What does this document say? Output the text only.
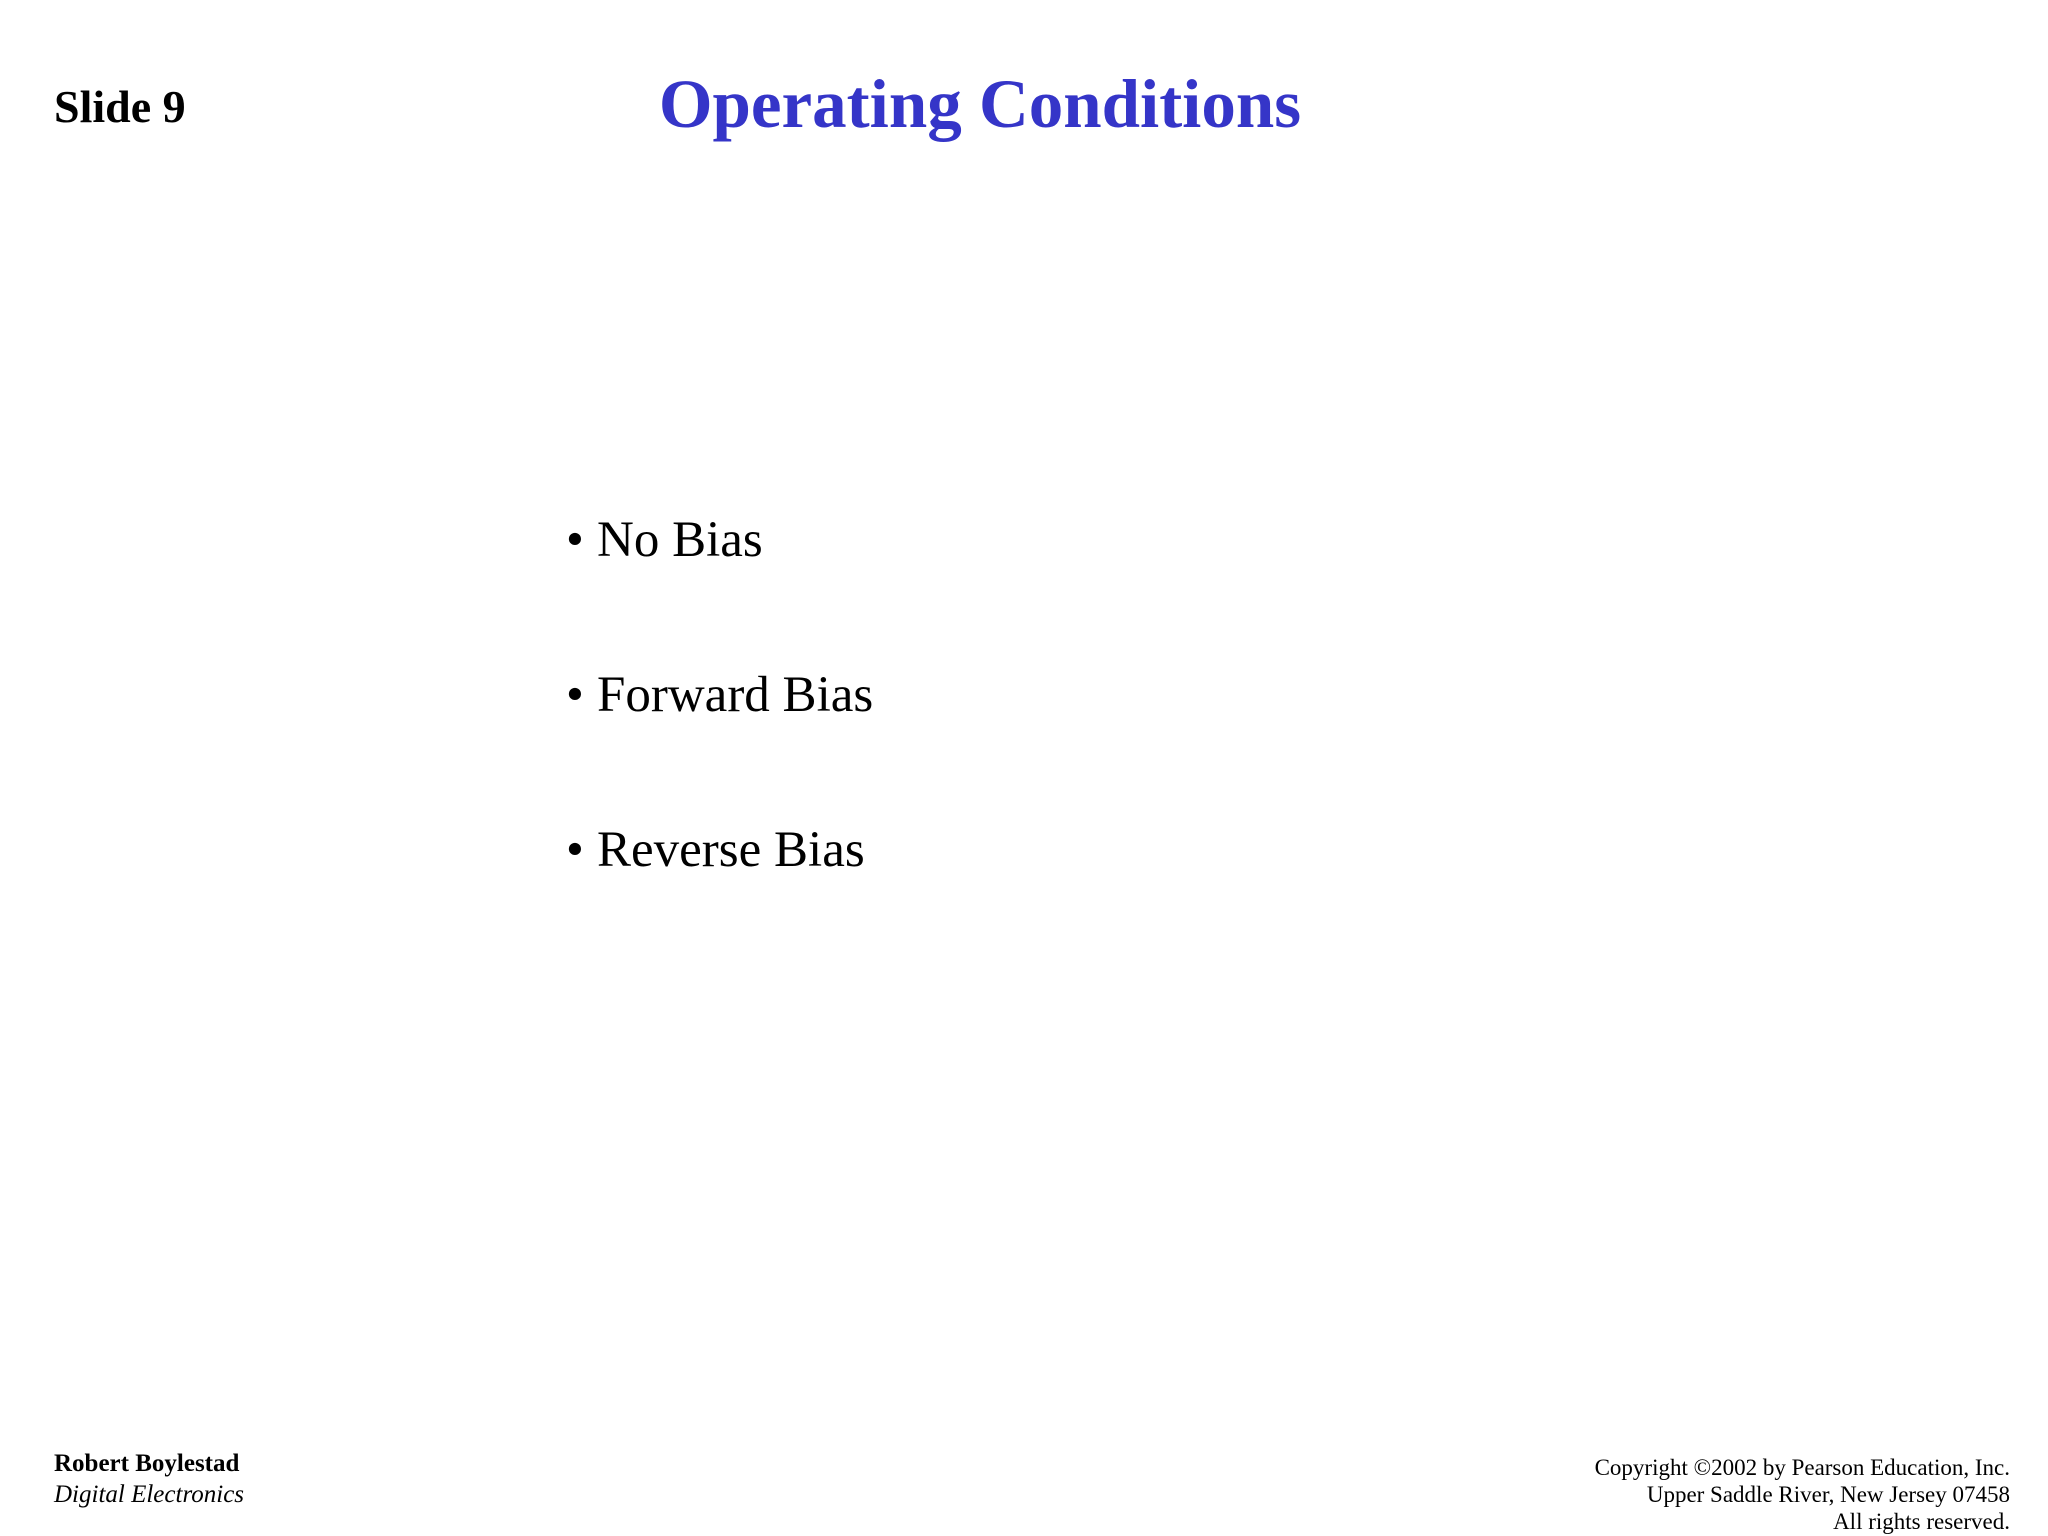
Slide 9	Operating Conditions
• No Bias
• Forward Bias
• Reverse Bias
Robert Boylestad
Digital Electronics
Copyright ©2002 by Pearson Education, Inc.
Upper Saddle River, New Jersey 07458
All rights reserved.
